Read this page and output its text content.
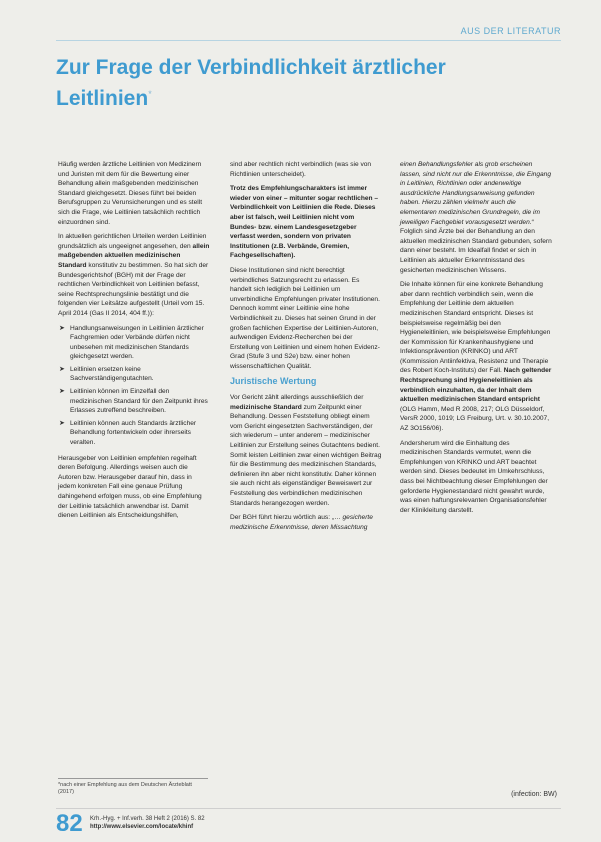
AUS DER LITERATUR
Zur Frage der Verbindlichkeit ärztlicher Leitlinien*

Häufig werden ärztliche Leitlinien von Medizinern und Juristen mit dem für die Bewertung einer Behandlung allein maßgebenden medizinischen Standard gleichgesetzt. Dieses führt bei beiden Berufsgruppen zu Verunsicherungen und es stellt sich die Frage, wie Leitlinien tatsächlich rechtlich einzuordnen sind.

In aktuellen gerichtlichen Urteilen werden Leitlinien grundsätzlich als ungeeignet angesehen, den allein maßgebenden aktuellen medizinischen Standard konstitutiv zu bestimmen. So hat sich der Bundesgerichtshof (BGH) mit der Frage der rechtlichen Verbindlichkeit von Leitlinien befasst, seine Rechtsprechungslinie bestätigt und die folgenden vier Leitsätze aufgestellt (Urteil vom 15. April 2014 (Gas II 2014, 404 ff.)):

➤ Handlungsanweisungen in Leitlinien ärztlicher Fachgremien oder Verbände dürfen nicht unbesehen mit medizinischen Standards gleichgesetzt werden.
➤ Leitlinien ersetzen keine Sachverständigengutachten.
➤ Leitlinien können im Einzelfall den medizinischen Standard für den Zeitpunkt ihres Erlasses zutreffend beschreiben.
➤ Leitlinien können auch Standards ärztlicher Behandlung fortentwickeln oder ihrerseits veralten.

Herausgeber von Leitlinien empfehlen regelhaft deren Befolgung. Allerdings weisen auch die Autoren bzw. Herausgeber darauf hin, dass in jedem konkreten Fall eine genaue Prüfung dahingehend erfolgen muss, ob eine Empfehlung der Leitlinie tatsächlich anwendbar ist. Damit dienen Leitlinien als Entscheidungshilfen,

*nach einer Empfehlung aus dem Deutschen Ärzteblatt (2017)

sind aber rechtlich nicht verbindlich (was sie von Richtlinien unterscheidet).

Trotz des Empfehlungscharakters ist immer wieder von einer – mitunter sogar rechtlichen – Verbindlichkeit von Leitlinien die Rede. Dieses aber ist falsch, weil Leitlinien nicht vom Bundes- bzw. einem Landesgesetzgeber verfasst werden, sondern von privaten Institutionen (z.B. Verbände, Gremien, Fachgesellschaften).

Diese Institutionen sind nicht berechtigt verbindliches Satzungsrecht zu erlassen. Es handelt sich lediglich bei Leitlinien um unverbindliche Empfehlungen privater Institutionen. Dennoch kommt einer Leitlinie eine hohe Verbindlichkeit zu. Dieses hat seinen Grund in der großen fachlichen Expertise der Leitlinien-Autoren, aufwendigen Evidenz-Recherchen bei der Erstellung von Leitlinien und einem hohen Evidenz-Grad (Stufe 3 und S2e) bzw. einer hohen wissenschaftlichen Qualität.

Juristische Wertung

Vor Gericht zählt allerdings ausschließlich der medizinische Standard zum Zeitpunkt einer Behandlung. Dessen Feststellung obliegt einem vom Gericht eingesetzten Sachverständigen, der sich wiederum – unter anderem – medizinischer Leitlinien zur Erstellung seines Gutachtens bedient. Somit leisten Leitlinien zwar einen wichtigen Beitrag für die Bestimmung des medizinischen Standards, definieren ihn aber nicht konstitutiv. Daher können sie auch nicht als eigenständiger Beweiswert zur Feststellung des verbindlichen medizinischen Standards herangezogen werden.

Der BGH führt hierzu wörtlich aus: „… gesicherte medizinische Erkenntnisse, deren Missachtung

einen Behandlungsfehler als grob erscheinen lassen, sind nicht nur die Erkenntnisse, die Eingang in Leitlinien, Richtlinien oder anderweitige ausdrückliche Handlungsanweisung gefunden haben. Hierzu zählen vielmehr auch die elementaren medizinischen Grundregeln, die im jeweiligen Fachgebiet vorausgesetzt werden.“ Folglich sind Ärzte bei der Behandlung an den aktuellen medizinischen Standard gebunden, sofern dann einer besteht. Im Idealfall findet er sich in Leitlinien als aktueller Erkenntnisstand des gesicherten medizinischen Wissens.

Die Inhalte können für eine konkrete Behandlung aber dann rechtlich verbindlich sein, wenn die Empfehlung der Leitlinie dem aktuellen medizinischen Standard entspricht. Dieses ist beispielsweise regelmäßig bei den Hygieneleitlinien, wie beispielsweise Empfehlungen der Kommission für Krankenhaushygiene und Infektionsprävention (KRINKO) und ART (Kommission Antiinfektiva, Resistenz und Therapie des Robert Koch-Instituts) der Fall. Nach geltender Rechtsprechung sind Hygieneleitlinien als verbindlich einzuhalten, da der Inhalt dem aktuellen medizinischen Standard entspricht (OLG Hamm, Med R 2008, 217; OLG Düsseldorf, VersR 2000, 1019; LG Freiburg, Urt. v. 30.10.2007, AZ 3O156/06).

Andersherum wird die Einhaltung des medizinischen Standards vermutet, wenn die Empfehlungen von KRINKO und ART beachtet werden sind. Dieses bedeutet im Umkehrschluss, dass bei Nichtbeachtung dieser Empfehlungen der geforderte Hygienestandard nicht gewahrt wurde, was einen haftungsrelevanten Organisationsfehler der Klinikleitung darstellt.

(infection: BW)
82 Krh.-Hyg. + Inf.verh. 38 Heft 2 (2016) S. 82
http://www.elsevier.com/locate/khinf
